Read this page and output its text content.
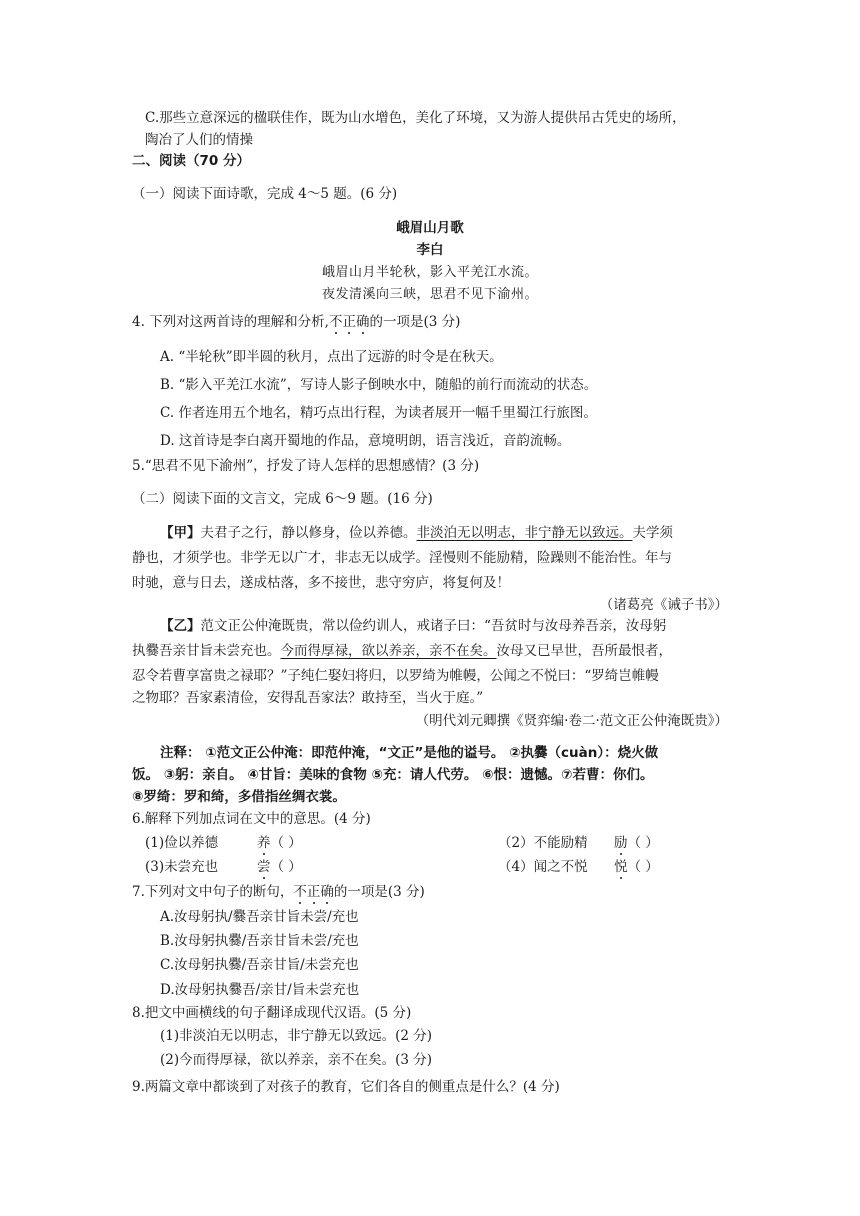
C.那些立意深远的楹联佳作，既为山水增色，美化了环境，又为游人提供吊古凭史的场所，
陶冶了人们的情操
二、阅读（70 分）
（一）阅读下面诗歌，完成 4～5 题。(6 分)
峨眉山月歌
李白
峨眉山月半轮秋，影入平羌江水流。
夜发清溪向三峡，思君不见下渝州。
4. 下列对这两首诗的理解和分析,不正确的一项是(3 分)
A. “半轮秋”即半圆的秋月，点出了远游的时令是在秋天。
B. “影入平羌江水流”，写诗人影子倒映水中，随船的前行而流动的状态。
C. 作者连用五个地名，精巧点出行程，为读者展开一幅千里蜀江行旅图。
D. 这首诗是李白离开蜀地的作品，意境明朗，语言浅近，音韵流畅。
5.“思君不见下渝州”，抒发了诗人怎样的思想感情？(3 分)
（二）阅读下面的文言文，完成 6～9 题。(16 分)
【甲】夫君子之行，静以修身，俭以养德。非淡泊无以明志，非宁静无以致远。夫学须
静也，才须学也。非学无以广才，非志无以成学。淫慢则不能励精，险躁则不能治性。年与
时驰，意与日去，遂成枯落，多不接世，悲守穷庐，将复何及！
（诸葛亮《诫子书》）
【乙】范文正公仲淹既贵，常以俭约训人，戒诸子曰：“吾贫时与汝母养吾亲，汝母躬
执爨吾亲甘旨未尝充也。今而得厚禄，欲以养亲，亲不在矣。汝母又已早世，吾所最恨者，
忍令若曹享富贵之禄耶？”子纯仁娶妇将归，以罗绮为帷幔，公闻之不悦曰：“罗绮岂帷幔
之物耶？吾家素清俭，安得乱吾家法？敢持至，当火于庭。”
（明代刘元卿撰《贤弈编·卷二·范文正公仲淹既贵》）
注释： ①范文正公仲淹：即范仲淹，“文正”是他的谥号。 ②执爨（cuàn）：烧火做
饭。 ③躬：亲自。 ④甘旨：美味的食物 ⑤充：请人代劳。 ⑥恨：遗憾。⑦若曹：你们。
⑧罗绮：罗和绮，多借指丝绸衣裳。
6.解释下列加点词在文中的意思。(4 分)
(1)俭以养德	养（ ）	（2）不能励精 励（ ）
(3)未尝充也	尝（ ）	（4）闻之不悦 悦（ ）
7.下列对文中句子的断句，不正确的一项是(3 分)
A.汝母躬执/爨吾亲甘旨未尝/充也
B.汝母躬执爨/吾亲甘旨未尝/充也
C.汝母躬执爨/吾亲甘旨/未尝充也
D.汝母躬执爨吾/亲甘/旨未尝充也
8.把文中画横线的句子翻译成现代汉语。(5 分)
(1)非淡泊无以明志，非宁静无以致远。(2 分)
(2)今而得厚禄，欲以养亲，亲不在矣。(3 分)
9.两篇文章中都谈到了对孩子的教育，它们各自的侧重点是什么？(4 分)
